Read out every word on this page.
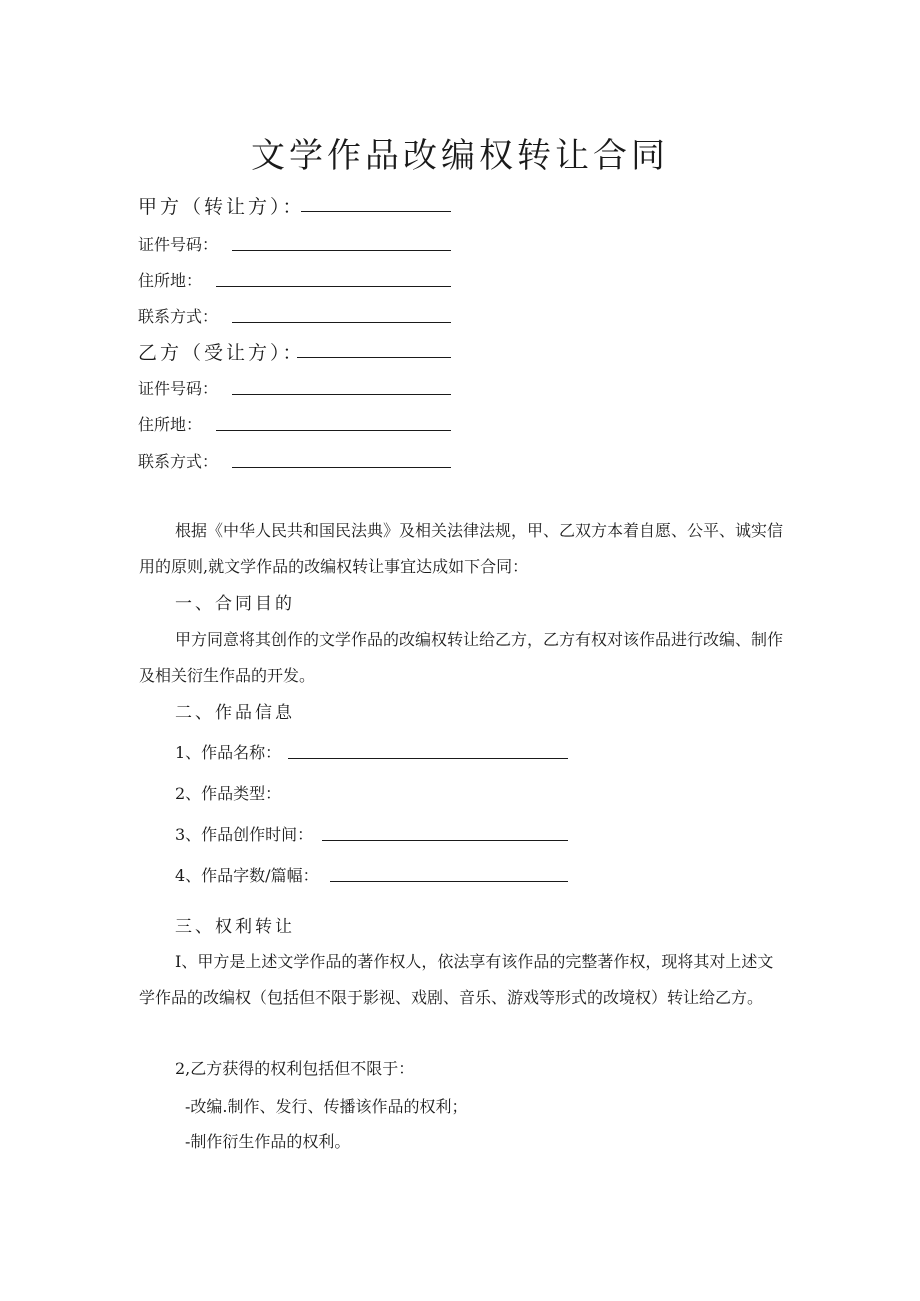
文学作品改编权转让合同
甲方（转让方）：
证件号码：
住所地：
联系方式：
乙方（受让方）：
证件号码：
住所地：
联系方式：
根据《中华人民共和国民法典》及相关法律法规，甲、乙双方本着自愿、公平、诚实信用的原则,就文学作品的改编权转让事宜达成如下合同：
一、合同目的
甲方同意将其创作的文学作品的改编权转让给乙方，乙方有权对该作品进行改编、制作及相关衍生作品的开发。
二、作品信息
1、作品名称：
2、作品类型：
3、作品创作时间：
4、作品字数/篇幅：
三、权利转让
I、甲方是上述文学作品的著作权人，依法享有该作品的完整著作权，现将其对上述文学作品的改编权（包括但不限于影视、戏剧、音乐、游戏等形式的改境权）转让给乙方。
2,乙方获得的权利包括但不限于：
-改编.制作、发行、传播该作品的权利；
-制作衍生作品的权利。
